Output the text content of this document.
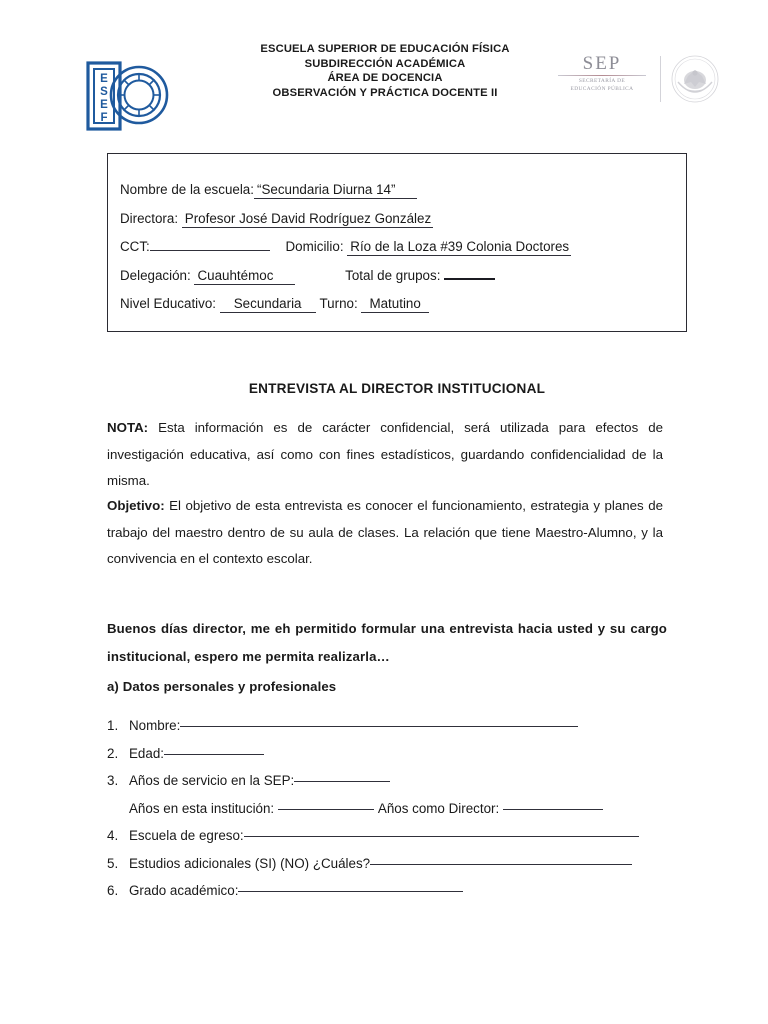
E
S
E
F
ESCUELA SUPERIOR DE EDUCACIÓN FÍSICA
SUBDIRECCIÓN ACADÉMICA
ÁREA DE DOCENCIA
OBSERVACIÓN Y PRÁCTICA DOCENTE II
SEP
SECRETARÍA DE
EDUCACIÓN PÚBLICA
Nombre de la escuela: “Secundaria Diurna 14”
Directora: Profesor José David Rodríguez González
CCT:	Domicilio: Río de la Loza #39 Colonia Doctores
Delegación: Cuauhtémoc	Total de grupos:
Nivel Educativo: Secundaria Turno: Matutino
ENTREVISTA AL DIRECTOR INSTITUCIONAL
NOTA: Esta información es de carácter confidencial, será utilizada para efectos de investigación educativa, así como con fines estadísticos, guardando confidencialidad de la misma.
Objetivo: El objetivo de esta entrevista es conocer el funcionamiento, estrategia y planes de trabajo del maestro dentro de su aula de clases. La relación que tiene Maestro-Alumno, y la convivencia en el contexto escolar.
Buenos días director, me eh permitido formular una entrevista hacia usted y su cargo institucional, espero me permita realizarla…
a) Datos personales y profesionales
1. Nombre:
2. Edad:
3. Años de servicio en la SEP:
Años en esta institución:	Años como Director:
4. Escuela de egreso:
5. Estudios adicionales (SI) (NO) ¿Cuáles?
6. Grado académico:
